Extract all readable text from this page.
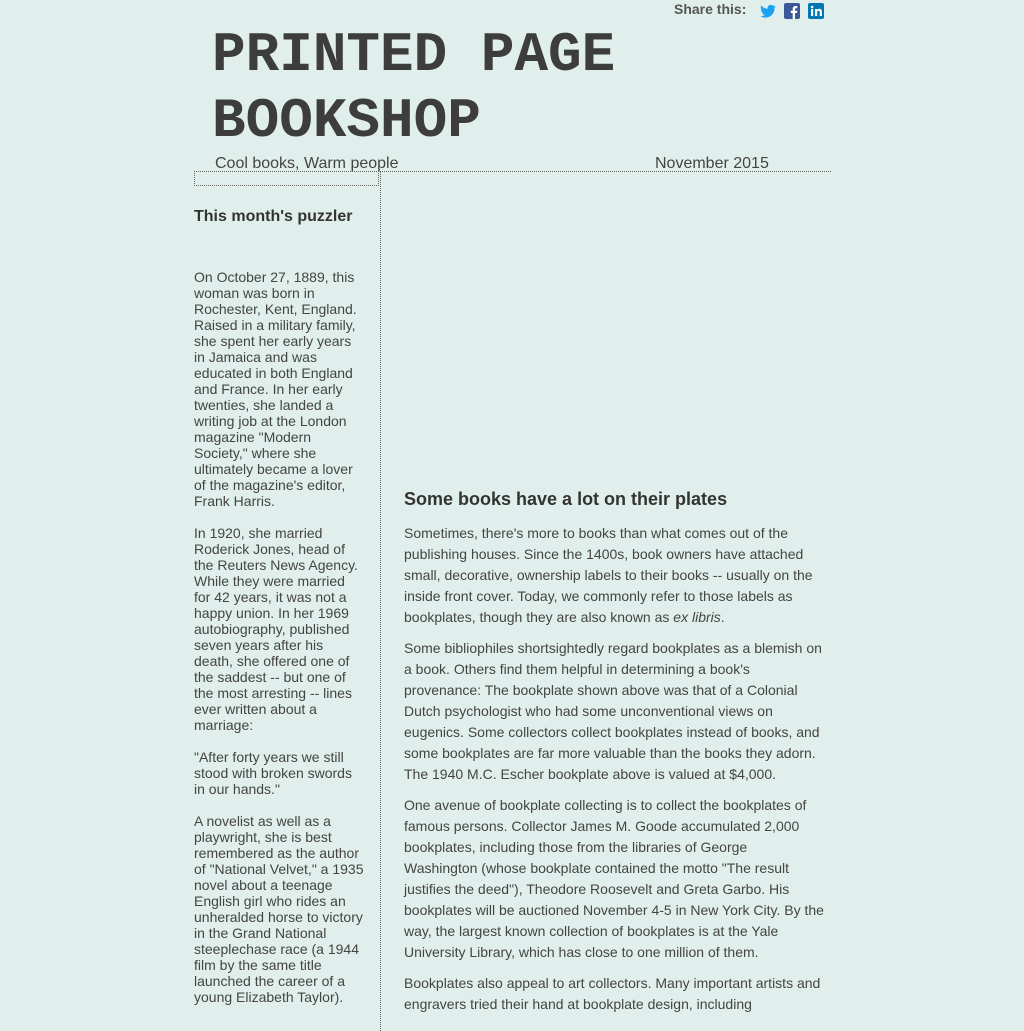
Share this:
PRINTED PAGE BOOKSHOP
Cool books, Warm people	November 2015
This month's puzzler

On October 27, 1889, this woman was born in Rochester, Kent, England. Raised in a military family, she spent her early years in Jamaica and was educated in both England and France. In her early twenties, she landed a writing job at the London magazine "Modern Society," where she ultimately became a lover of the magazine's editor, Frank Harris.

In 1920, she married Roderick Jones, head of the Reuters News Agency. While they were married for 42 years, it was not a happy union. In her 1969 autobiography, published seven years after his death, she offered one of the saddest -- but one of the most arresting -- lines ever written about a marriage:

"After forty years we still stood with broken swords in our hands."

A novelist as well as a playwright, she is best remembered as the author of "National Velvet," a 1935 novel about a teenage English girl who rides an unheralded horse to victory in the Grand National steeplechase race (a 1944 film by the same title launched the career of a young Elizabeth Taylor).

Some books have a lot on their plates

Sometimes, there's more to books than what comes out of the publishing houses. Since the 1400s, book owners have attached small, decorative, ownership labels to their books -- usually on the inside front cover. Today, we commonly refer to those labels as bookplates, though they are also known as ex libris.

Some bibliophiles shortsightedly regard bookplates as a blemish on a book. Others find them helpful in determining a book's provenance: The bookplate shown above was that of a Colonial Dutch psychologist who had some unconventional views on eugenics. Some collectors collect bookplates instead of books, and some bookplates are far more valuable than the books they adorn. The 1940 M.C. Escher bookplate above is valued at $4,000.

One avenue of bookplate collecting is to collect the bookplates of famous persons. Collector James M. Goode accumulated 2,000 bookplates, including those from the libraries of George Washington (whose bookplate contained the motto "The result justifies the deed"), Theodore Roosevelt and Greta Garbo. His bookplates will be auctioned November 4-5 in New York City. By the way, the largest known collection of bookplates is at the Yale University Library, which has close to one million of them.

Bookplates also appeal to art collectors. Many important artists and engravers tried their hand at bookplate design, including
